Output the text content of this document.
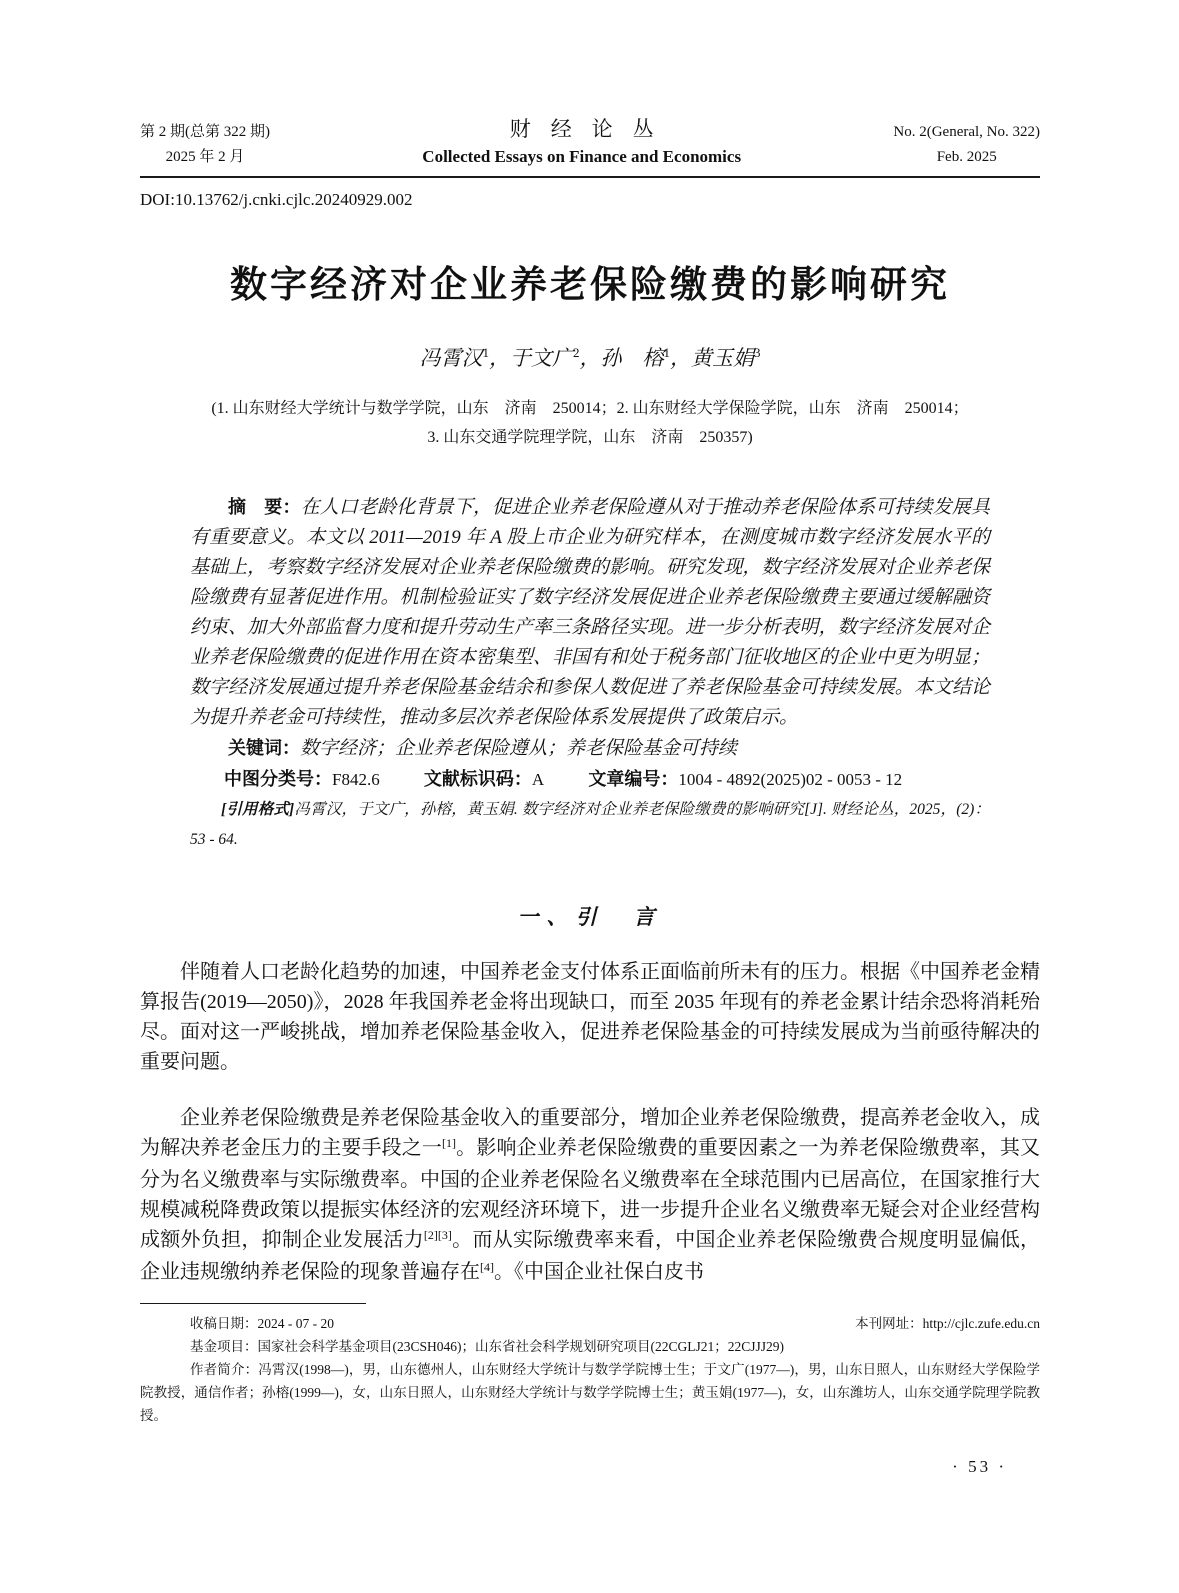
第 2 期(总第 322 期)
2025 年 2 月
财经论丛
Collected Essays on Finance and Economics
No. 2(General, No. 322)
Feb. 2025
DOI:10.13762/j.cnki.cjlc.20240929.002
数字经济对企业养老保险缴费的影响研究
冯霄汉$^1$，于文广$^2$，孙　榕$^1$，黄玉娟$^3$
(1. 山东财经大学统计与数学学院，山东　济南　250014；2. 山东财经大学保险学院，山东　济南　250014；
3. 山东交通学院理学院，山东　济南　250357)

摘　要：在人口老龄化背景下，促进企业养老保险遵从对于推动养老保险体系可持续发展具有重要意义。本文以 2011—2019 年 A 股上市企业为研究样本，在测度城市数字经济发展水平的基础上，考察数字经济发展对企业养老保险缴费的影响。研究发现，数字经济发展对企业养老保险缴费有显著促进作用。机制检验证实了数字经济发展促进企业养老保险缴费主要通过缓解融资约束、加大外部监督力度和提升劳动生产率三条路径实现。进一步分析表明，数字经济发展对企业养老保险缴费的促进作用在资本密集型、非国有和处于税务部门征收地区的企业中更为明显；数字经济发展通过提升养老保险基金结余和参保人数促进了养老保险基金可持续发展。本文结论为提升养老金可持续性，推动多层次养老保险体系发展提供了政策启示。

关键词：数字经济；企业养老保险遵从；养老保险基金可持续

中图分类号：F842.6 文献标识码：A 文章编号：1004 - 4892(2025)02 - 0053 - 12

[引用格式]冯霄汉，于文广，孙榕，黄玉娟. 数字经济对企业养老保险缴费的影响研究[J]. 财经论丛，2025，(2)：53 - 64.

一、引　言

伴随着人口老龄化趋势的加速，中国养老金支付体系正面临前所未有的压力。根据《中国养老金精算报告(2019—2050)》，2028 年我国养老金将出现缺口，而至 2035 年现有的养老金累计结余恐将消耗殆尽。面对这一严峻挑战，增加养老保险基金收入，促进养老保险基金的可持续发展成为当前亟待解决的重要问题。

企业养老保险缴费是养老保险基金收入的重要部分，增加企业养老保险缴费，提高养老金收入，成为解决养老金压力的主要手段之一[1]。影响企业养老保险缴费的重要因素之一为养老保险缴费率，其又分为名义缴费率与实际缴费率。中国的企业养老保险名义缴费率在全球范围内已居高位，在国家推行大规模减税降费政策以提振实体经济的宏观经济环境下，进一步提升企业名义缴费率无疑会对企业经营构成额外负担，抑制企业发展活力[2][3]。而从实际缴费率来看，中国企业养老保险缴费合规度明显偏低，企业违规缴纳养老保险的现象普遍存在[4]。《中国企业社保白皮书

收稿日期：2024 - 07 - 20	本刊网址：http://cjlc.zufe.edu.cn
基金项目：国家社会科学基金项目(23CSH046)；山东省社会科学规划研究项目(22CGLJ21；22CJJJ29)

作者简介：冯霄汉(1998—)，男，山东德州人，山东财经大学统计与数学学院博士生；于文广(1977—)，男，山东日照人，山东财经大学保险学院教授，通信作者；孙榕(1999—)，女，山东日照人，山东财经大学统计与数学学院博士生；黄玉娟(1977—)，女，山东潍坊人，山东交通学院理学院教授。

· 53 ·
